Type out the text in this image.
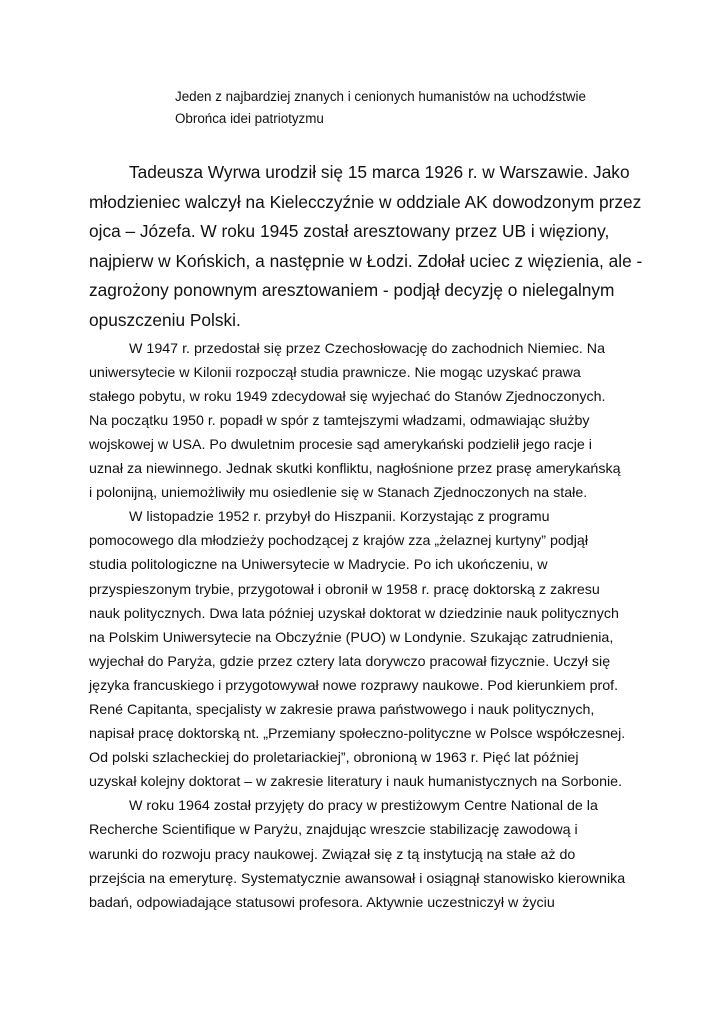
Jeden z najbardziej znanych i cenionych humanistów na uchodźstwie
Obrońca idei patriotyzmu

Tadeusza Wyrwa urodził się 15 marca 1926 r. w Warszawie. Jako
młodzieniec walczył na Kielecczyźnie w oddziale AK dowodzonym przez
ojca – Józefa. W roku 1945 został aresztowany przez UB i więziony,
najpierw w Końskich, a następnie w Łodzi. Zdołał uciec z więzienia, ale -
zagrożony ponownym aresztowaniem - podjął decyzję o nielegalnym
opuszczeniu Polski.

W 1947 r. przedostał się przez Czechosłowację do zachodnich Niemiec. Na
uniwersytecie w Kilonii rozpoczął studia prawnicze. Nie mogąc uzyskać prawa
stałego pobytu, w roku 1949 zdecydował się wyjechać do Stanów Zjednoczonych.
Na początku 1950 r. popadł w spór z tamtejszymi władzami, odmawiając służby
wojskowej w USA. Po dwuletnim procesie sąd amerykański podzielił jego racje i
uznał za niewinnego. Jednak skutki konfliktu, nagłośnione przez prasę amerykańską
i polonijną, uniemożliwiły mu osiedlenie się w Stanach Zjednoczonych na stałe.

W listopadzie 1952 r. przybył do Hiszpanii. Korzystając z programu
pomocowego dla młodzieży pochodzącej z krajów zza „żelaznej kurtyny” podjął
studia politologiczne na Uniwersytecie w Madrycie. Po ich ukończeniu, w
przyspieszonym trybie, przygotował i obronił w 1958 r. pracę doktorską z zakresu
nauk politycznych. Dwa lata później uzyskał doktorat w dziedzinie nauk politycznych
na Polskim Uniwersytecie na Obczyźnie (PUO) w Londynie. Szukając zatrudnienia,
wyjechał do Paryża, gdzie przez cztery lata dorywczo pracował fizycznie. Uczył się
języka francuskiego i przygotowywał nowe rozprawy naukowe. Pod kierunkiem prof.
René Capitanta, specjalisty w zakresie prawa państwowego i nauk politycznych,
napisał pracę doktorską nt. „Przemiany społeczno-polityczne w Polsce współczesnej.
Od polski szlacheckiej do proletariackiej”, obronioną w 1963 r. Pięć lat później
uzyskał kolejny doktorat – w zakresie literatury i nauk humanistycznych na Sorbonie.

W roku 1964 został przyjęty do pracy w prestiżowym Centre National de la
Recherche Scientifique w Paryżu, znajdując wreszcie stabilizację zawodową i
warunki do rozwoju pracy naukowej. Związał się z tą instytucją na stałe aż do
przejścia na emeryturę. Systematycznie awansował i osiągnął stanowisko kierownika
badań, odpowiadające statusowi profesora. Aktywnie uczestniczył w życiu
